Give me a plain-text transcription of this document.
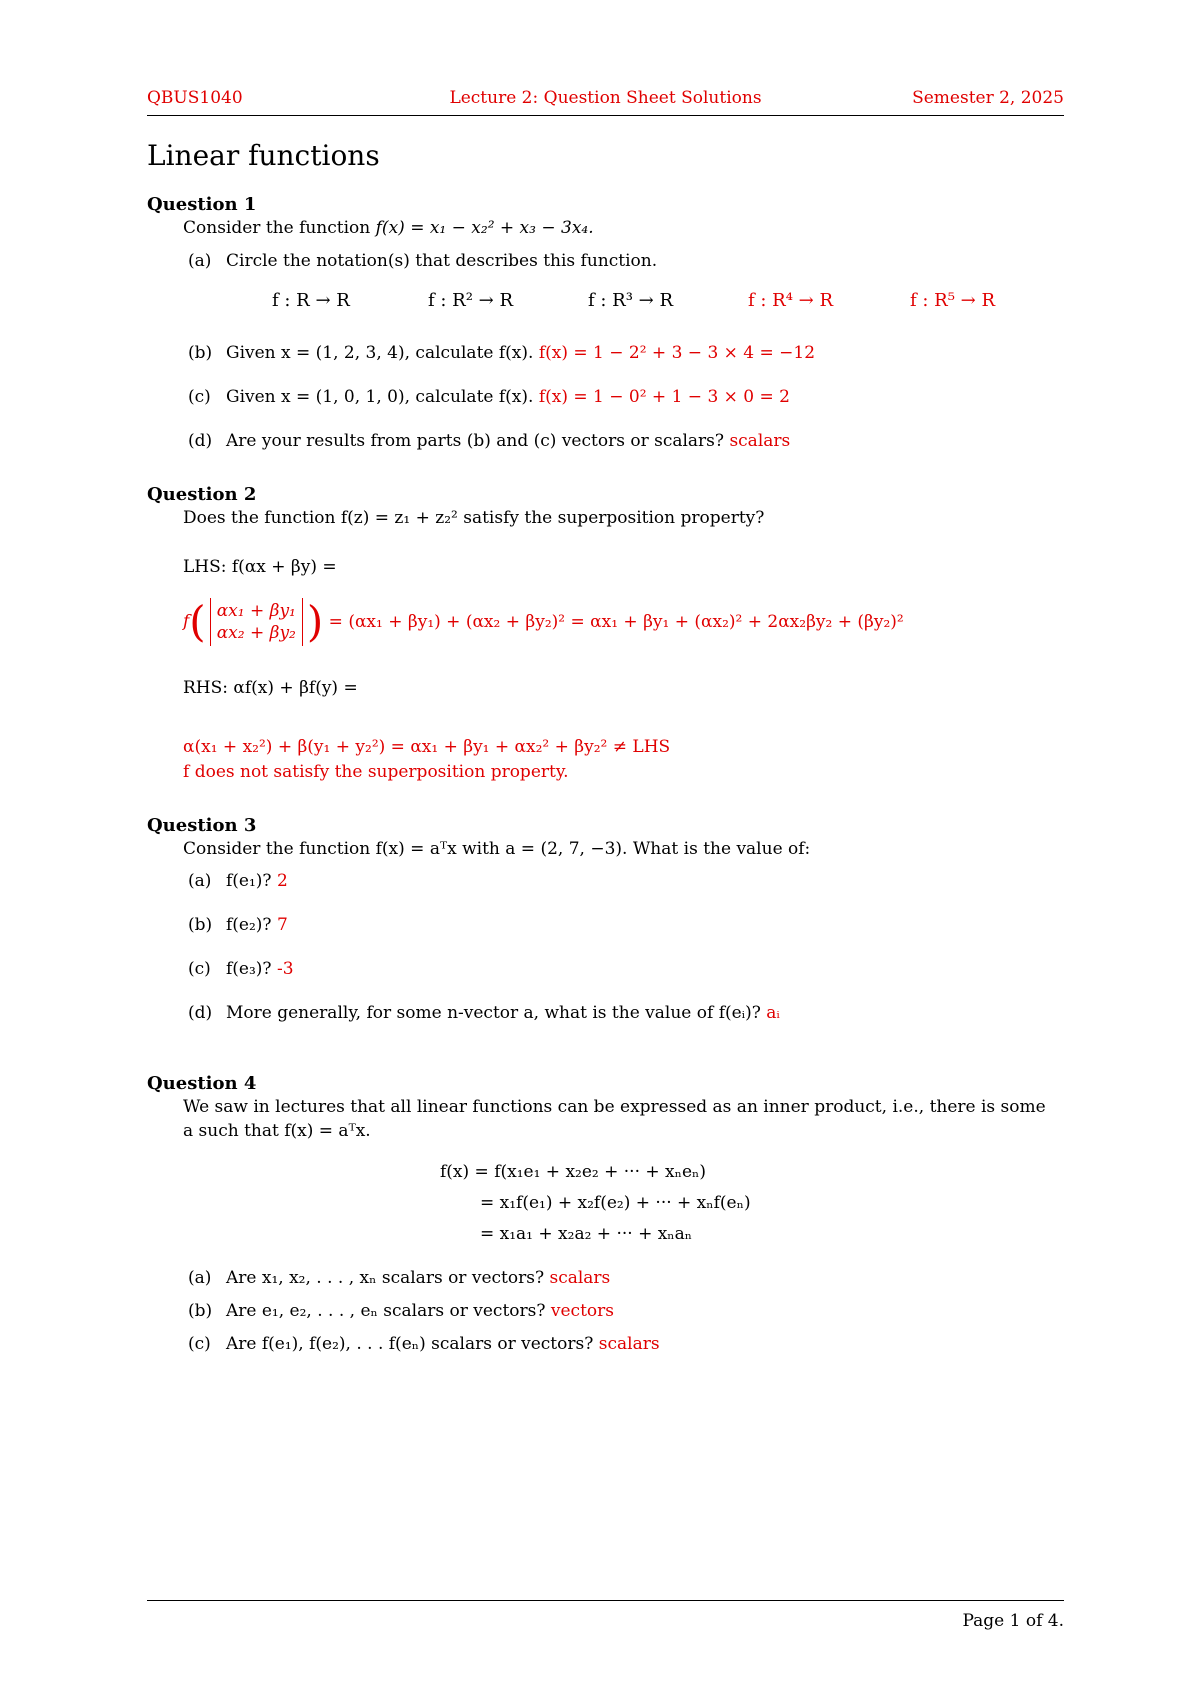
QBUS1040	Lecture 2: Question Sheet Solutions	Semester 2, 2025
Linear functions
Question 1
Consider the function f(x) = x₁ − x₂² + x₃ − 3x₄.
(a) Circle the notation(s) that describes this function.
f : R → R	f : R² → R	f : R³ → R	f : R⁴ → R	f : R⁵ → R
(b) Given x = (1, 2, 3, 4), calculate f(x). f(x) = 1 − 2² + 3 − 3 × 4 = −12
(c) Given x = (1, 0, 1, 0), calculate f(x). f(x) = 1 − 0² + 1 − 3 × 0 = 2
(d) Are your results from parts (b) and (c) vectors or scalars? scalars
Question 2
Does the function f(z) = z₁ + z₂² satisfy the superposition property?
LHS: f(αx + βy) =
f( αx₁ + βy₁
αx₂ + βy₂ ) = (αx₁ + βy₁) + (αx₂ + βy₂)² = αx₁ + βy₁ + (αx₂)² + 2αx₂βy₂ + (βy₂)²
RHS: αf(x) + βf(y) =
α(x₁ + x₂²) + β(y₁ + y₂²) = αx₁ + βy₁ + αx₂² + βy₂² ≠ LHS
f does not satisfy the superposition property.
Question 3
Consider the function f(x) = aᵀx with a = (2, 7, −3). What is the value of:
(a) f(e₁)? 2
(b) f(e₂)? 7
(c) f(e₃)? -3
(d) More generally, for some n-vector a, what is the value of f(eᵢ)? aᵢ
Question 4
We saw in lectures that all linear functions can be expressed as an inner product, i.e., there is some
a such that f(x) = aᵀx.
f(x) = f(x₁e₁ + x₂e₂ + ··· + xₙeₙ)
= x₁f(e₁) + x₂f(e₂) + ··· + xₙf(eₙ)
= x₁a₁ + x₂a₂ + ··· + xₙaₙ
(a) Are x₁, x₂, . . . , xₙ scalars or vectors? scalars
(b) Are e₁, e₂, . . . , eₙ scalars or vectors? vectors
(c) Are f(e₁), f(e₂), . . . f(eₙ) scalars or vectors? scalars
Page 1 of 4.
